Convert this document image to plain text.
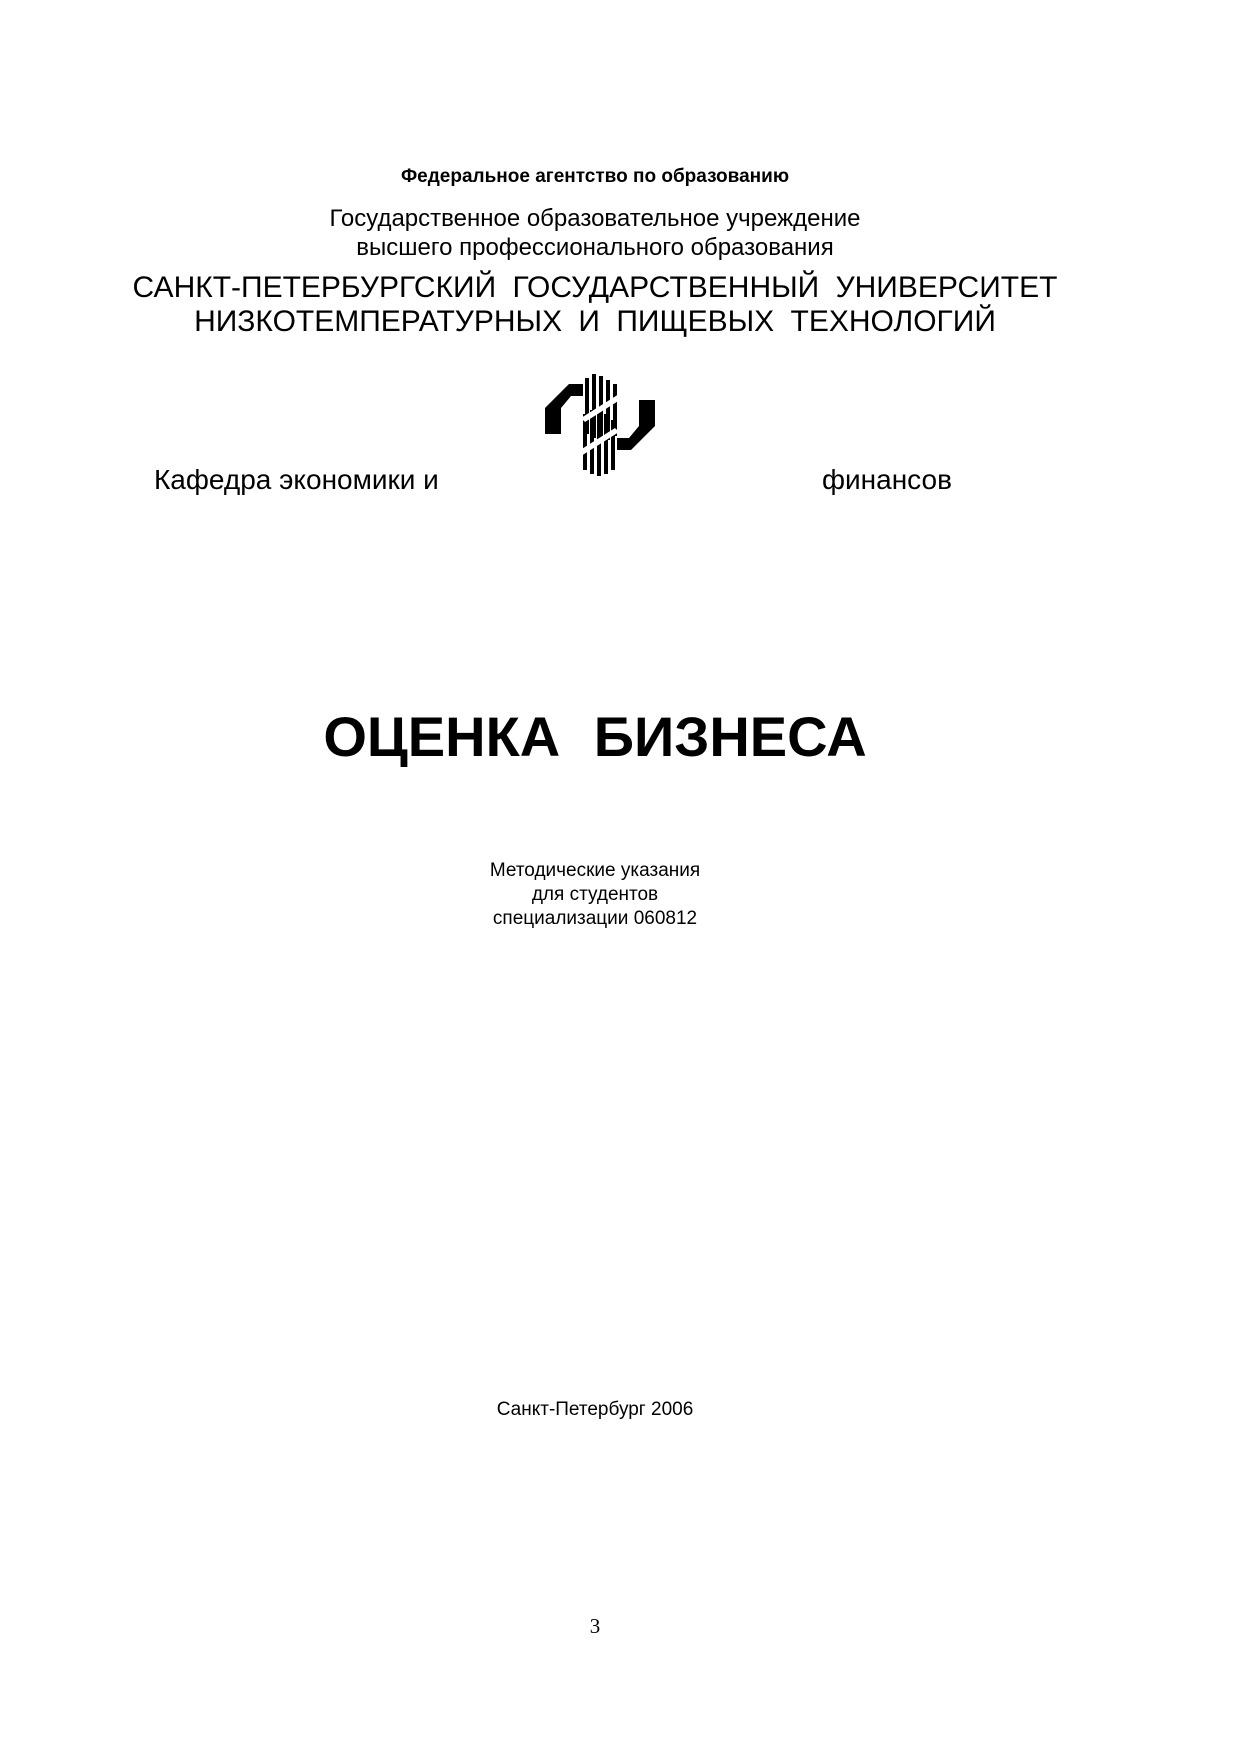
Федеральное агентство по образованию
Государственное образовательное учреждение
высшего профессионального образования
САНКТ-ПЕТЕРБУРГСКИЙ ГОСУДАРСТВЕННЫЙ УНИВЕРСИТЕТ
НИЗКОТЕМПЕРАТУРНЫХ И ПИЩЕВЫХ ТЕХНОЛОГИЙ
Кафедра экономики и	финансов
ОЦЕНКА БИЗНЕСА
Методические указания
для студентов
специализации 060812
Санкт-Петербург 2006
3
